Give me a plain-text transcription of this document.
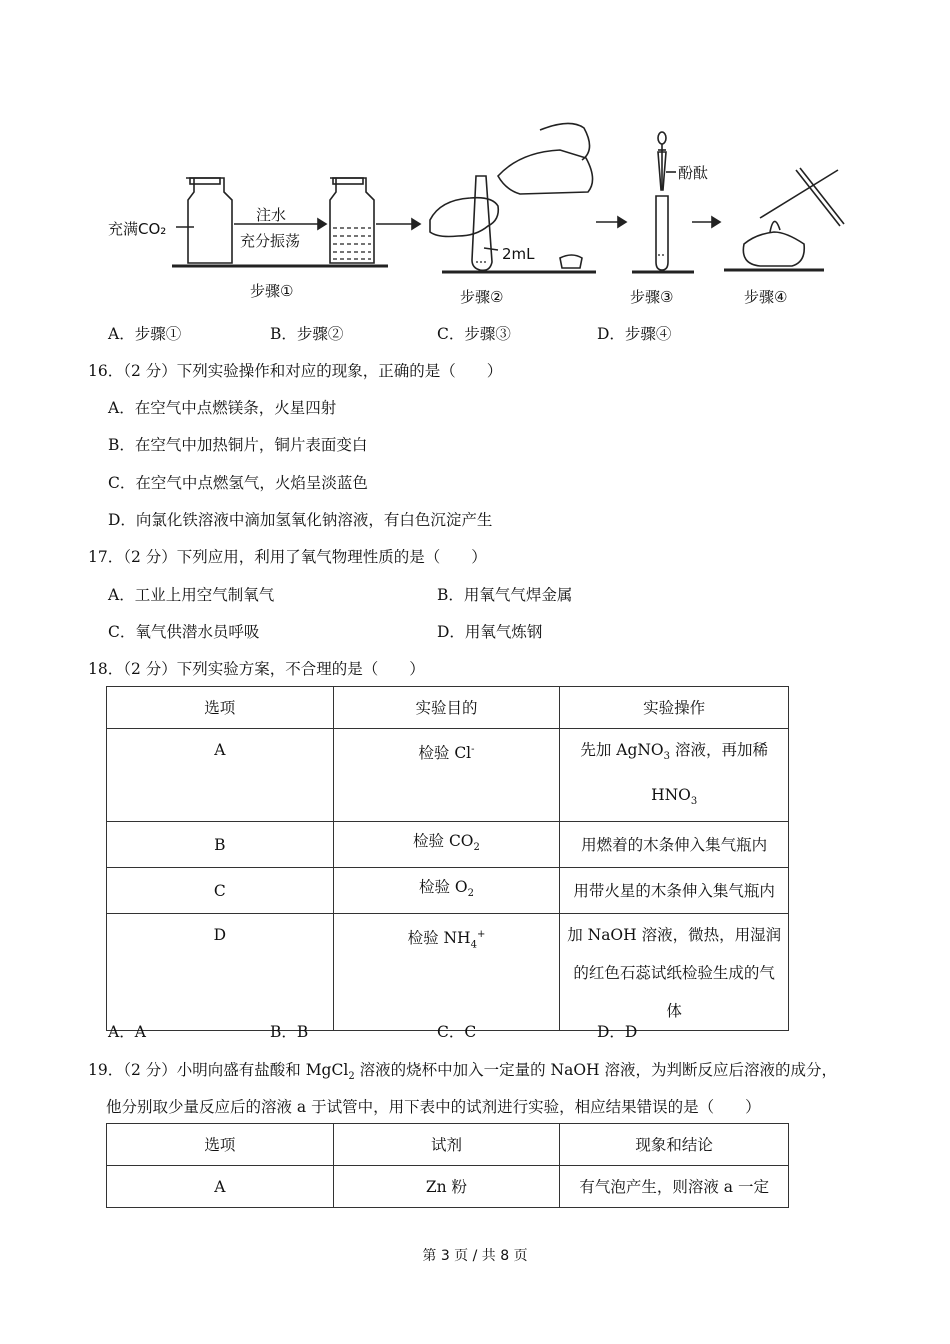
充满CO₂
注水
充分振荡
2mL
酚酞
步骤①	步骤②	步骤③	步骤④
A．步骤①	B．步骤②	C．步骤③	D．步骤④
16．（2 分）下列实验操作和对应的现象，正确的是（　　）
A．在空气中点燃镁条，火星四射
B．在空气中加热铜片，铜片表面变白
C．在空气中点燃氢气，火焰呈淡蓝色
D．向氯化铁溶液中滴加氢氧化钠溶液，有白色沉淀产生
17．（2 分）下列应用，利用了氧气物理性质的是（　　）
A．工业上用空气制氧气	B．用氧气气焊金属
C．氧气供潜水员呼吸	D．用氧气炼钢
18．（2 分）下列实验方案，不合理的是（　　）
选项	实验目的	实验操作
A	检验 Cl-	先加 AgNO$_3$ 溶液，再加稀
$HNO_3$

B	检验 $CO_2$	用燃着的木条伸入集气瓶内
C	检验 $O_2$	用带火星的木条伸入集气瓶内
D	检验 $NH_4^+$	加 NaOH 溶液，微热，用湿润
的红色石蕊试纸检验生成的气
体
A．A	B．B	C．C	D．D
19．（2 分）小明向盛有盐酸和 MgCl$_2$ 溶液的烧杯中加入一定量的 NaOH 溶液，为判断反应后溶液的成分，
他分别取少量反应后的溶液 a 于试管中，用下表中的试剂进行实验，相应结果错误的是（　　）
选项	试剂	现象和结论
A	Zn 粉	有气泡产生，则溶液 a 一定
第 3 页 / 共 8 页
